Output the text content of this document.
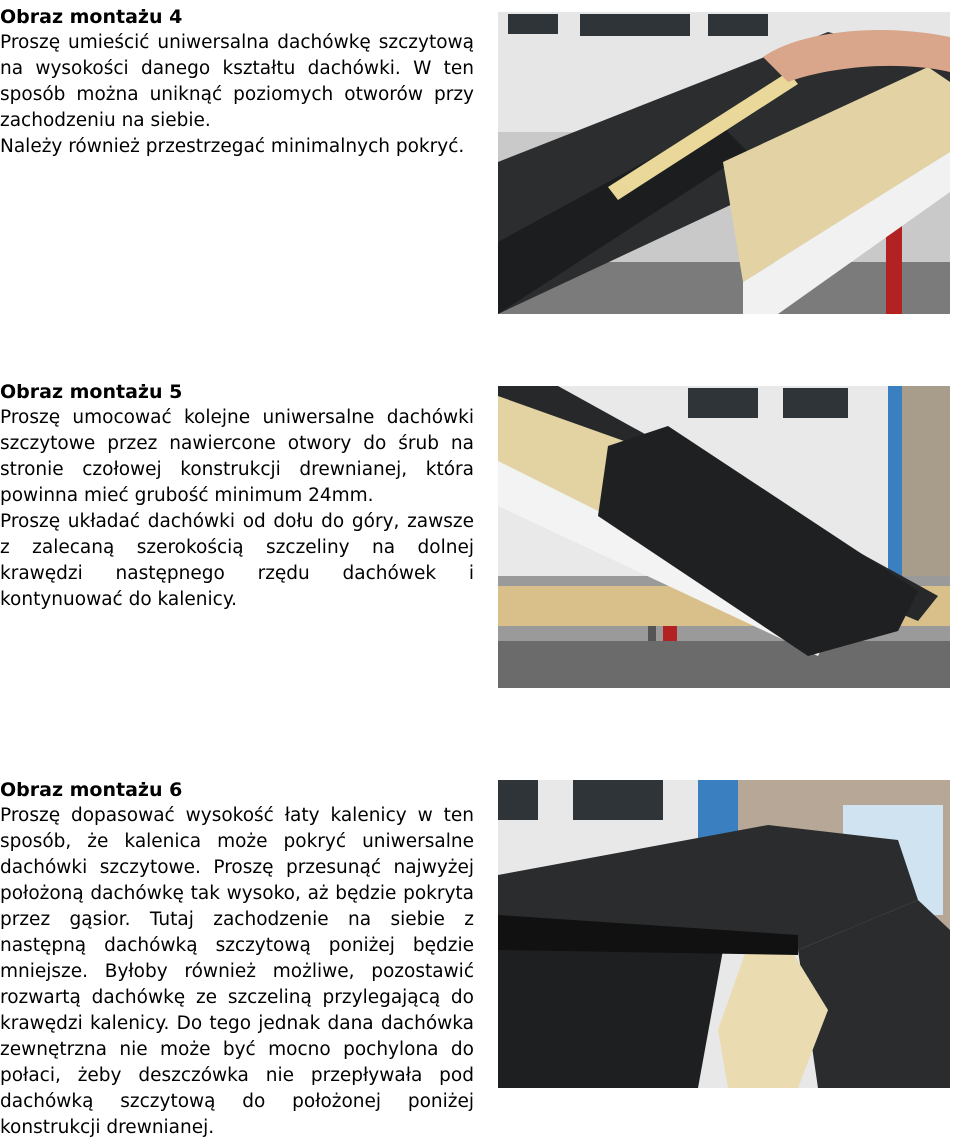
Obraz montażu 4

Proszę umieścić uniwersalna dachówkę szczytową na wysokości danego kształtu dachówki. W ten sposób można uniknąć poziomych otworów przy zachodzeniu na siebie.

Należy również przestrzegać minimalnych pokryć.

Obraz montażu 5

Proszę umocować kolejne uniwersalne dachówki szczytowe przez nawiercone otwory do śrub na stronie czołowej konstrukcji drewnianej, która powinna mieć grubość minimum 24mm.

Proszę układać dachówki od dołu do góry, zawsze z zalecaną szerokością szczeliny na dolnej krawędzi następnego rzędu dachówek i kontynuować do kalenicy.

Obraz montażu 6

Proszę dopasować wysokość łaty kalenicy w ten sposób, że kalenica może pokryć uniwersalne dachówki szczytowe. Proszę przesunąć najwyżej położoną dachówkę tak wysoko, aż będzie pokryta przez gąsior. Tutaj zachodzenie na siebie z następną dachówką szczytową poniżej będzie mniejsze. Byłoby również możliwe, pozostawić rozwartą dachówkę ze szczeliną przylegającą do krawędzi kalenicy. Do tego jednak dana dachówka zewnętrzna nie może być mocno pochylona do połaci, żeby deszczówka nie przepływała pod dachówką szczytową do położonej poniżej konstrukcji drewnianej.
